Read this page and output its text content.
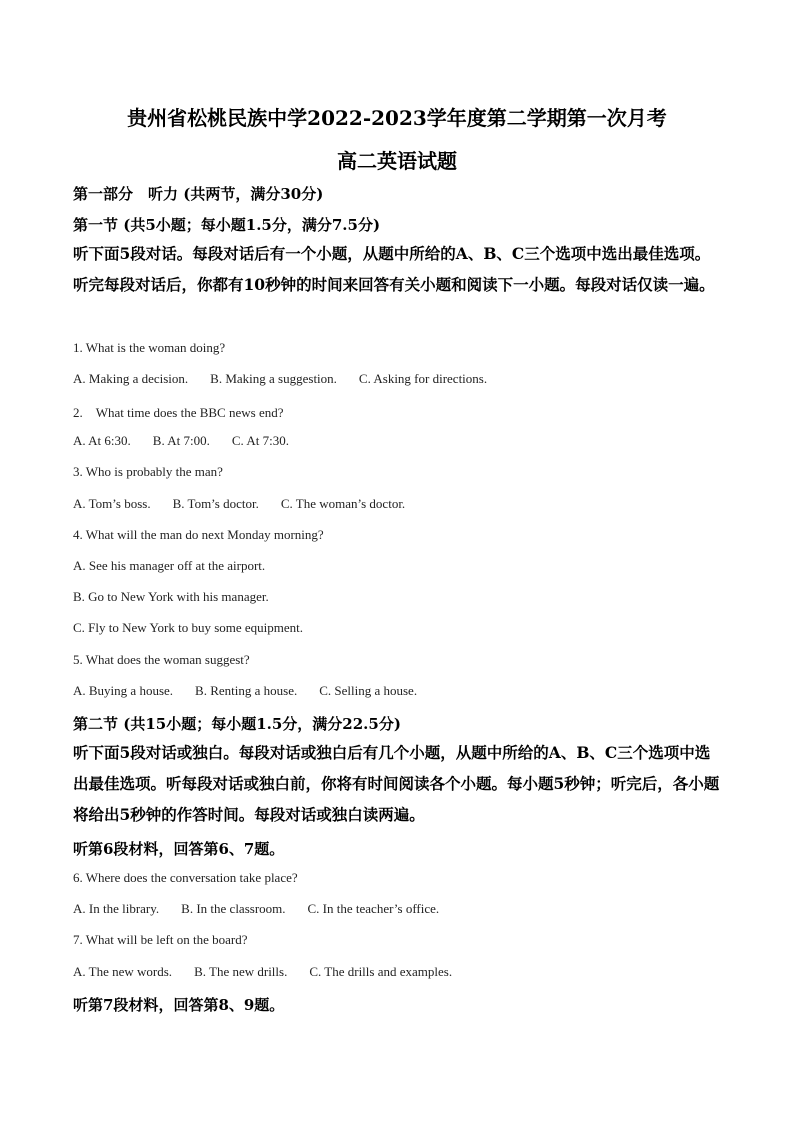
贵州省松桃民族中学2022-2023学年度第二学期第一次月考
高二英语试题
第一部分　听力 (共两节，满分30分)
第一节 (共5小题；每小题1.5分，满分7.5分)
听下面5段对话。每段对话后有一个小题，从题中所给的A、B、C三个选项中选出最佳选项。听完每段对话后，你都有10秒钟的时间来回答有关小题和阅读下一小题。每段对话仅读一遍。
1. What is the woman doing?
A. Making a decision. B. Making a suggestion. C. Asking for directions.
2.　What time does the BBC news end?
A. At 6:30. B. At 7:00. C. At 7:30.
3. Who is probably the man?
A. Tom’s boss. B. Tom’s doctor. C. The woman’s doctor.
4. What will the man do next Monday morning?
A. See his manager off at the airport.
B. Go to New York with his manager.
C. Fly to New York to buy some equipment.
5. What does the woman suggest?
A. Buying a house. B. Renting a house. C. Selling a house.
第二节 (共15小题；每小题1.5分，满分22.5分)
听下面5段对话或独白。每段对话或独白后有几个小题，从题中所给的A、B、C三个选项中选出最佳选项。听每段对话或独白前，你将有时间阅读各个小题。每小题5秒钟；听完后，各小题将给出5秒钟的作答时间。每段对话或独白读两遍。
听第6段材料，回答第6、7题。
6. Where does the conversation take place?
A. In the library. B. In the classroom. C. In the teacher’s office.
7. What will be left on the board?
A. The new words. B. The new drills. C. The drills and examples.
听第7段材料，回答第8、9题。
